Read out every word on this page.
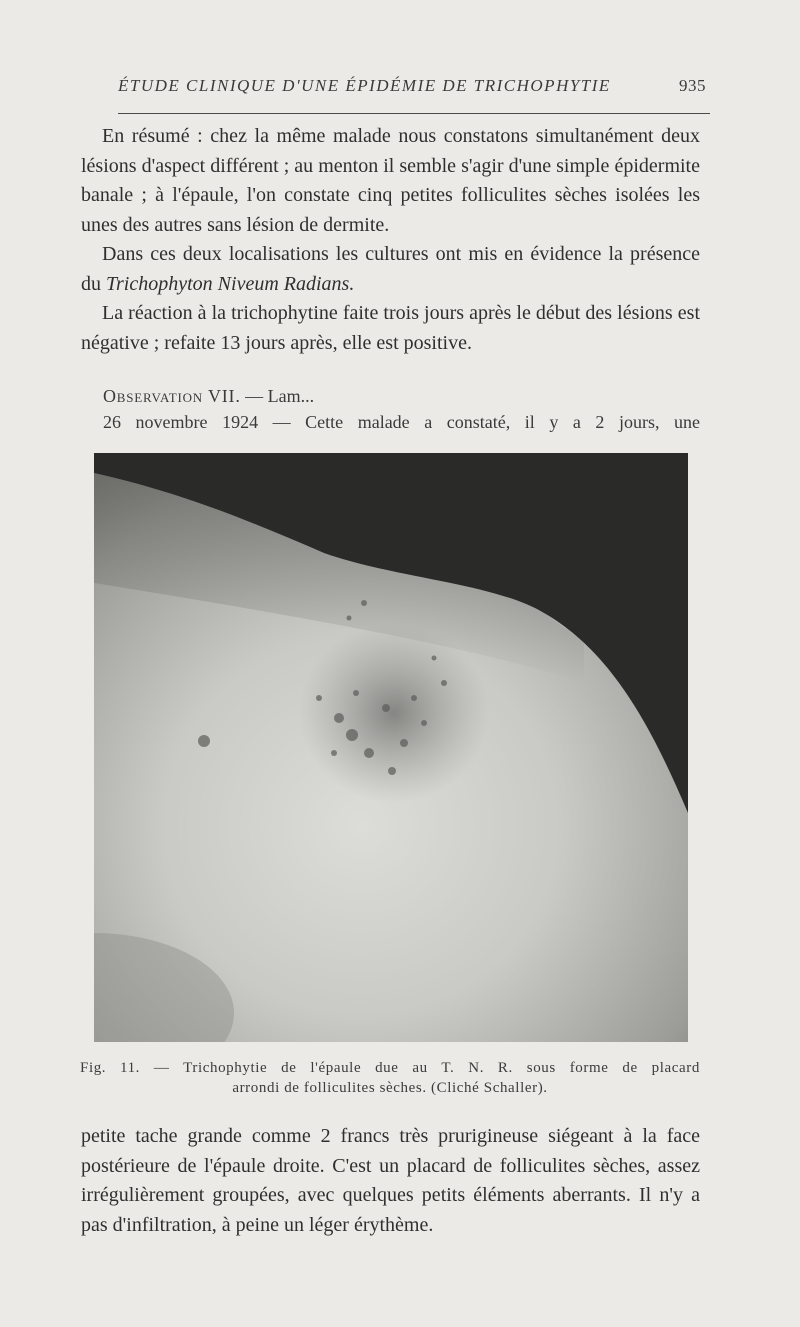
ÉTUDE CLINIQUE D'UNE ÉPIDÉMIE DE TRICHOPHYTIE	935

En résumé : chez la même malade nous constatons simultanément deux lésions d'aspect différent ; au menton il semble s'agir d'une simple épidermite banale ; à l'épaule, l'on constate cinq petites folliculites sèches isolées les unes des autres sans lésion de dermite.

Dans ces deux localisations les cultures ont mis en évidence la présence du Trichophyton Niveum Radians.

La réaction à la trichophytine faite trois jours après le début des lésions est négative ; refaite 13 jours après, elle est positive.

Observation VII. — Lam...
26 novembre 1924 — Cette malade a constaté, il y a 2 jours, une
Fig. 11. — Trichophytie de l'épaule due au T. N. R. sous forme de placard
arrondi de folliculites sèches. (Cliché Schaller).

petite tache grande comme 2 francs très prurigineuse siégeant à la face postérieure de l'épaule droite. C'est un placard de folliculites sèches, assez irrégulièrement groupées, avec quelques petits éléments aberrants. Il n'y a pas d'infiltration, à peine un léger érythème.
